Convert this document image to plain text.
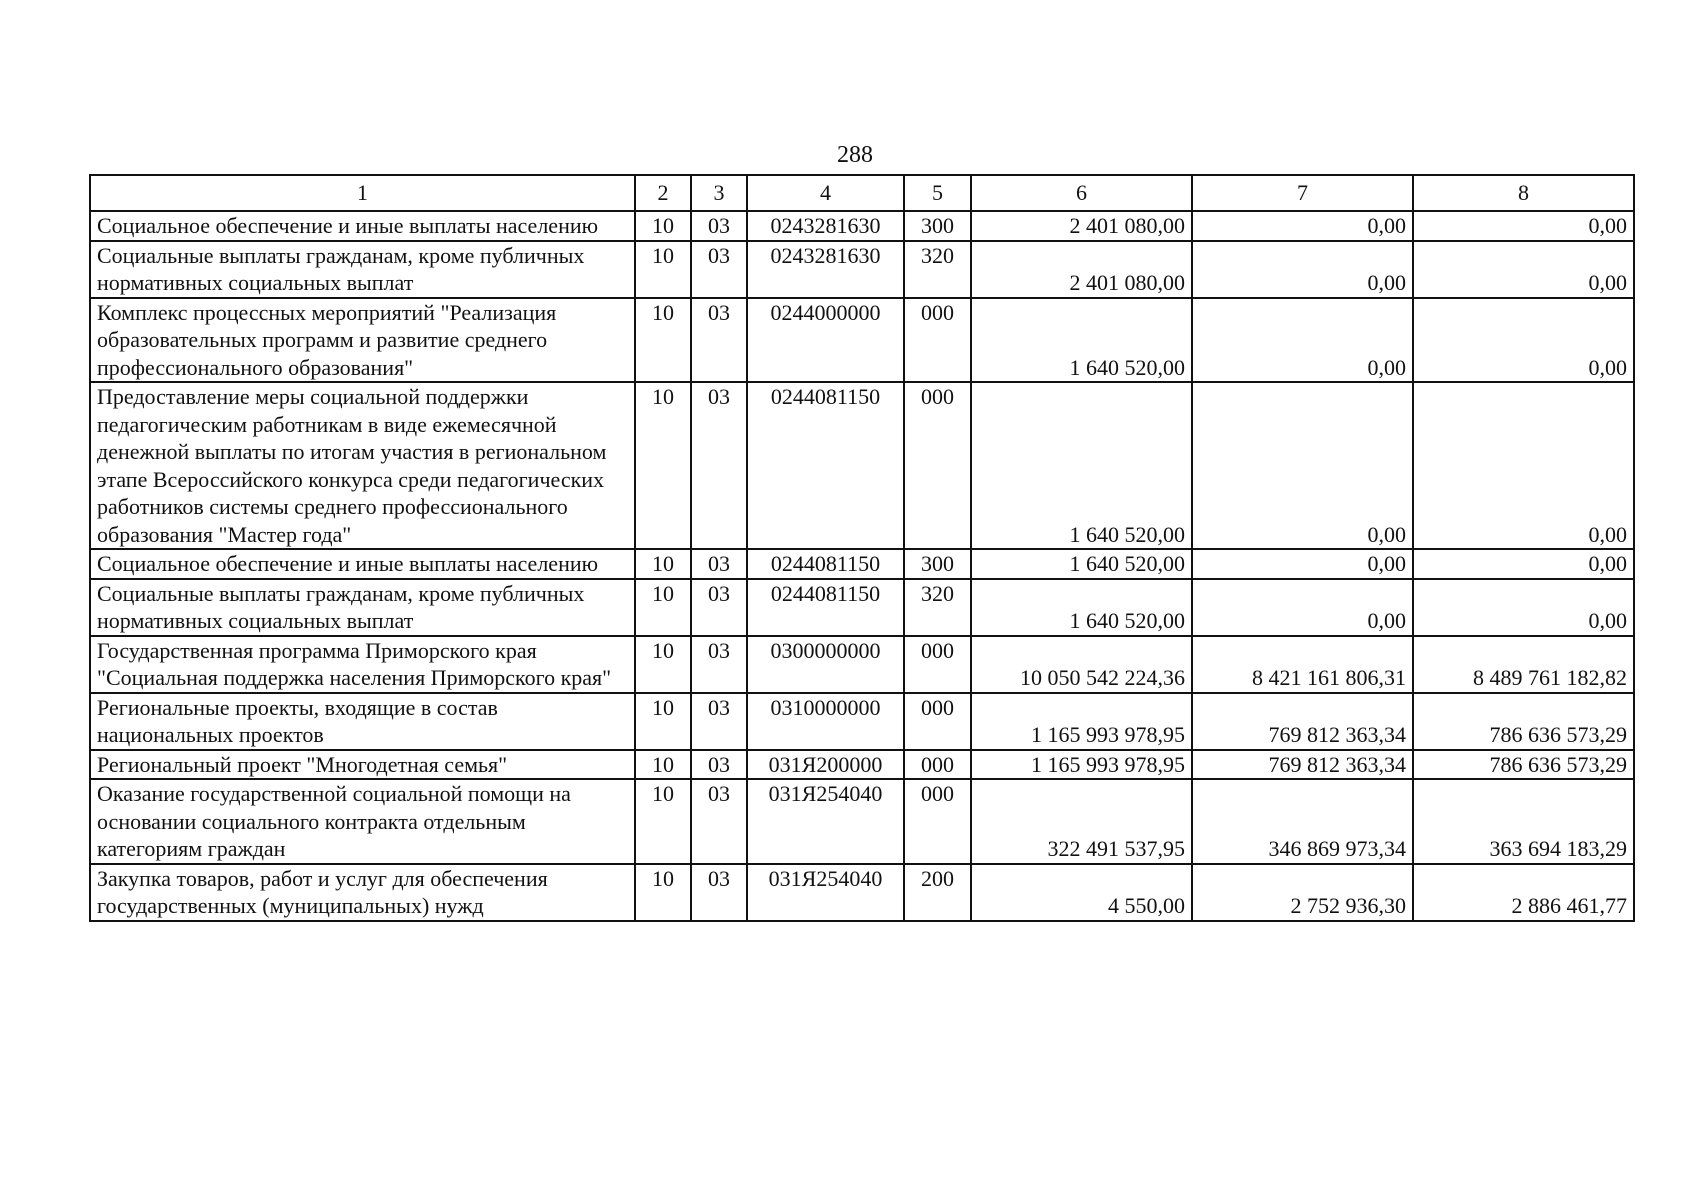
288
1	2	3	4	5	6	7	8
Социальное обеспечение и иные выплаты населению	10	03	0243281630	300	2 401 080,00	0,00	0,00
Социальные выплаты гражданам, кроме публичных нормативных социальных выплат	10	03	0243281630	320	2 401 080,00	0,00	0,00
Комплекс процессных мероприятий "Реализация образовательных программ и развитие среднего профессионального образования"	10	03	0244000000	000	1 640 520,00	0,00	0,00
Предоставление меры социальной поддержки педагогическим работникам в виде ежемесячной денежной выплаты по итогам участия в региональном этапе Всероссийского конкурса среди педагогических работников системы среднего профессионального образования "Мастер года"	10	03	0244081150	000	1 640 520,00	0,00	0,00
Социальное обеспечение и иные выплаты населению	10	03	0244081150	300	1 640 520,00	0,00	0,00
Социальные выплаты гражданам, кроме публичных нормативных социальных выплат	10	03	0244081150	320	1 640 520,00	0,00	0,00
Государственная программа Приморского края "Социальная поддержка населения Приморского края"	10	03	0300000000	000	10 050 542 224,36	8 421 161 806,31	8 489 761 182,82
Региональные проекты, входящие в состав национальных проектов	10	03	0310000000	000	1 165 993 978,95	769 812 363,34	786 636 573,29
Региональный проект "Многодетная семья"	10	03	031Я200000	000	1 165 993 978,95	769 812 363,34	786 636 573,29
Оказание государственной социальной помощи на основании социального контракта отдельным категориям граждан	10	03	031Я254040	000	322 491 537,95	346 869 973,34	363 694 183,29
Закупка товаров, работ и услуг для обеспечения государственных (муниципальных) нужд	10	03	031Я254040	200	4 550,00	2 752 936,30	2 886 461,77
